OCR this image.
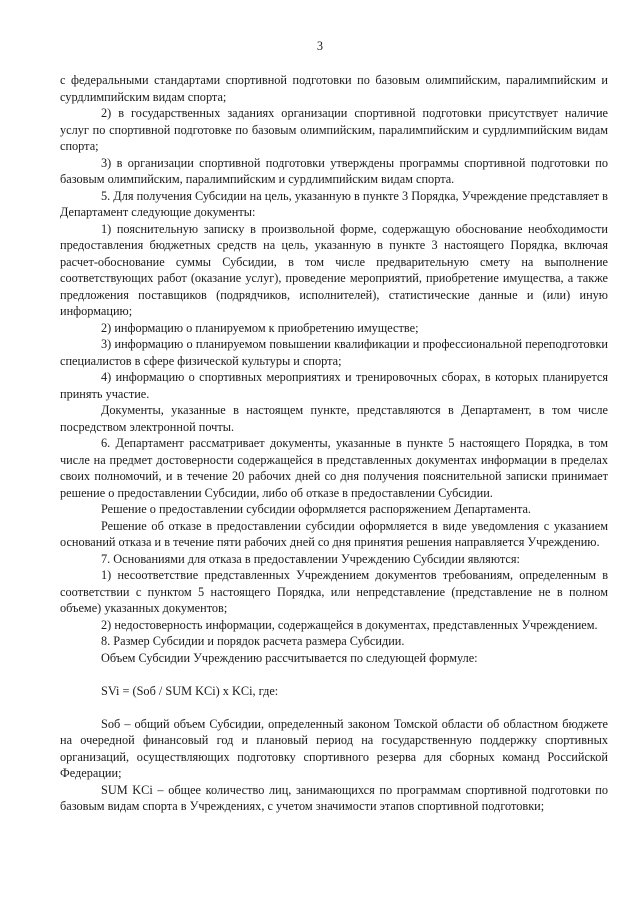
3

с федеральными стандартами спортивной подготовки по базовым олимпийским, паралимпийским и сурдлимпийским видам спорта;

2) в государственных заданиях организации спортивной подготовки присутствует наличие услуг по спортивной подготовке по базовым олимпийским, паралимпийским и сурдлимпийским видам спорта;

3) в организации спортивной подготовки утверждены программы спортивной подготовки по базовым олимпийским, паралимпийским и сурдлимпийским видам спорта.

5. Для получения Субсидии на цель, указанную в пункте 3 Порядка, Учреждение представляет в Департамент следующие документы:

1) пояснительную записку в произвольной форме, содержащую обоснование необходимости предоставления бюджетных средств на цель, указанную в пункте 3 настоящего Порядка, включая расчет-обоснование суммы Субсидии, в том числе предварительную смету на выполнение соответствующих работ (оказание услуг), проведение мероприятий, приобретение имущества, а также предложения поставщиков (подрядчиков, исполнителей), статистические данные и (или) иную информацию;

2) информацию о планируемом к приобретению имуществе;

3) информацию о планируемом повышении квалификации и профессиональной переподготовки специалистов в сфере физической культуры и спорта;

4) информацию о спортивных мероприятиях и тренировочных сборах, в которых планируется принять участие.

Документы, указанные в настоящем пункте, представляются в Департамент, в том числе посредством электронной почты.

6. Департамент рассматривает документы, указанные в пункте 5 настоящего Порядка, в том числе на предмет достоверности содержащейся в представленных документах информации в пределах своих полномочий, и в течение 20 рабочих дней со дня получения пояснительной записки принимает решение о предоставлении Субсидии, либо об отказе в предоставлении Субсидии.

Решение о предоставлении субсидии оформляется распоряжением Департамента.

Решение об отказе в предоставлении субсидии оформляется в виде уведомления с указанием оснований отказа и в течение пяти рабочих дней со дня принятия решения направляется Учреждению.

7. Основаниями для отказа в предоставлении Учреждению Субсидии являются:

1) несоответствие представленных Учреждением документов требованиям, определенным в соответствии с пунктом 5 настоящего Порядка, или непредставление (представление не в полном объеме) указанных документов;

2) недостоверность информации, содержащейся в документах, представленных Учреждением.

8. Размер Субсидии и порядок расчета размера Субсидии.

Объем Субсидии Учреждению рассчитывается по следующей формуле:

SVi = (Sоб / SUM KCi) x KCi, где:

Sоб – общий объем Субсидии, определенный законом Томской области об областном бюджете на очередной финансовый год и плановый период на государственную поддержку спортивных организаций, осуществляющих подготовку спортивного резерва для сборных команд Российской Федерации;

SUM KCi – общее количество лиц, занимающихся по программам спортивной подготовки по базовым видам спорта в Учреждениях, с учетом значимости этапов спортивной подготовки;
